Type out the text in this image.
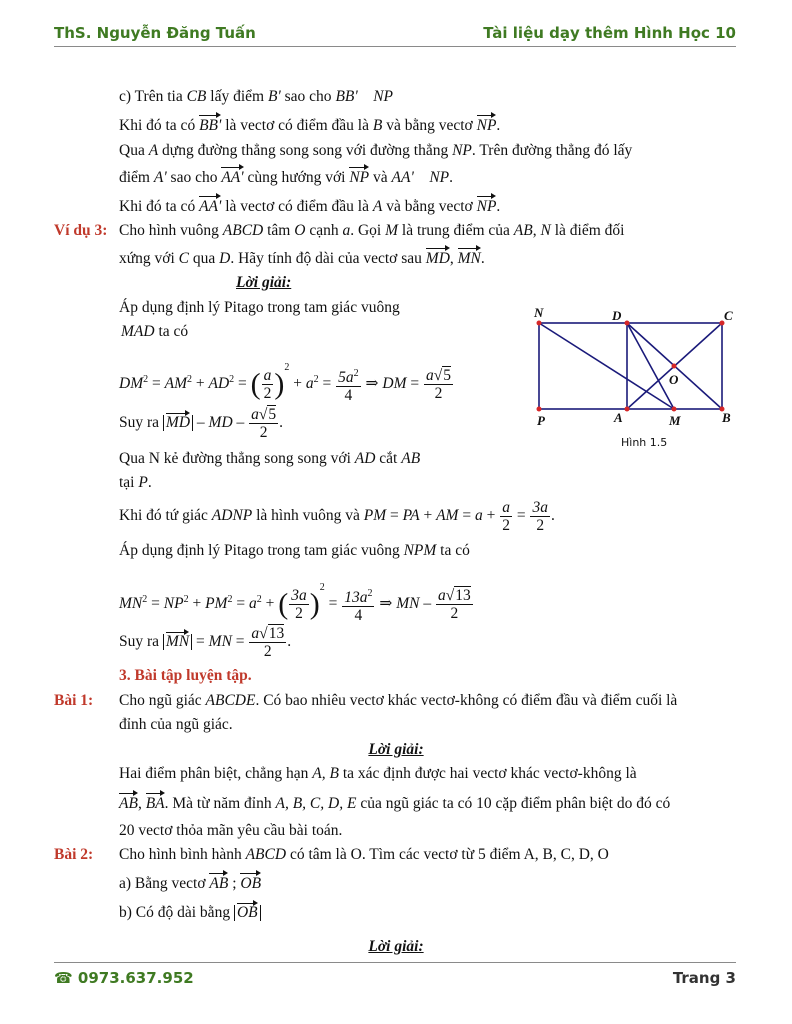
ThS. Nguyễn Đăng Tuấn	Tài liệu dạy thêm Hình Học 10
c) Trên tia CB lấy điểm B' sao cho BB' NP
Khi đó ta có BB' là vectơ có điểm đầu là B và bằng vectơ NP.
Qua A dựng đường thẳng song song với đường thẳng NP. Trên đường thẳng đó lấy
điểm A' sao cho AA' cùng hướng với NP và AA' NP.
Khi đó ta có AA' là vectơ có điểm đầu là A và bằng vectơ NP.
Ví dụ 3: Cho hình vuông ABCD tâm O cạnh a. Gọi M là trung điểm của AB, N là điểm đối
xứng với C qua D. Hãy tính độ dài của vectơ sau MD, MN.
Lời giải:
Áp dụng định lý Pitago trong tam giác vuông
MAD ta có
$DM^2 = AM^2 + AD^2$ = ( $\frac{a}{2} )^2 + a^2 = \frac{5a^2}{4}$ ⇒ DM = $\frac{a√5}{2}$
Suy ra MD – MD – $\frac{a√5}{2}$ .
Qua N kẻ đường thẳng song song với AD cắt AB
tại P.
Khi đó tứ giác ADNP là hình vuông và PM = PA + AM = $a + \frac{a}{2} = \frac{3a}{2}$ .
Áp dụng định lý Pitago trong tam giác vuông NPM ta có
$MN^2 = NP^2 + PM^2 = a^2$ + ( $\frac{3a}{2} )^2 = \frac{13a^2}{4}$ ⇒ MN – $\frac{a√13}{2}$
Suy ra MN = MN = $\frac{a√13}{2}$ .
3. Bài tập luyện tập.
Bài 1: Cho ngũ giác ABCDE. Có bao nhiêu vectơ khác vectơ-không có điểm đầu và điểm cuối là
đỉnh của ngũ giác.
Lời giải:
Hai điểm phân biệt, chẳng hạn A, B ta xác định được hai vectơ khác vectơ-không là
AB, BA. Mà từ năm đỉnh A, B, C, D, E của ngũ giác ta có 10 cặp điểm phân biệt do đó có
20 vectơ thỏa mãn yêu cầu bài toán.
Bài 2: Cho hình bình hành ABCD có tâm là O. Tìm các vectơ từ 5 điểm A, B, C, D, O
a) Bằng vectơ AB ; OB
b) Có độ dài bằng OB
Lời giải:
N	D	C
O
P	A	M	B
Hình 1.5
☎ 0973.637.952	Trang 3
